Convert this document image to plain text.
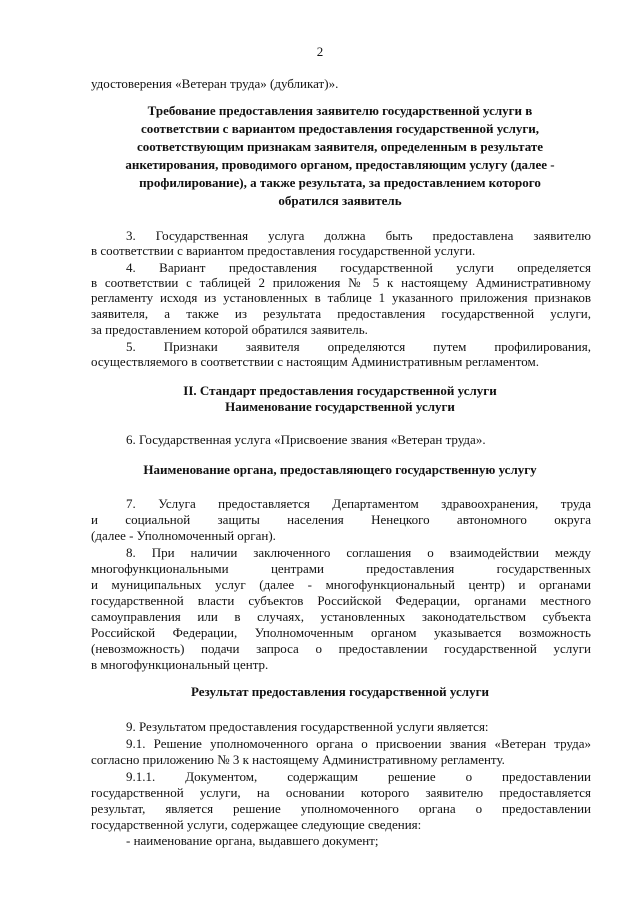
2
удостоверения «Ветеран труда» (дубликат)».
Требование предоставления заявителю государственной услуги в
соответствии с вариантом предоставления государственной услуги,
соответствующим признакам заявителя, определенным в результате
анкетирования, проводимого органом, предоставляющим услугу (далее -
профилирование), а также результата, за предоставлением которого
обратился заявитель
3. Государственная услуга должна быть предоставлена заявителю
в соответствии с вариантом предоставления государственной услуги.
4. Вариант предоставления государственной услуги определяется
в соответствии с таблицей 2 приложения № 5 к настоящему Административному
регламенту исходя из установленных в таблице 1 указанного приложения признаков
заявителя, а также из результата предоставления государственной услуги,
за предоставлением которой обратился заявитель.
5. Признаки заявителя определяются путем профилирования,
осуществляемого в соответствии с настоящим Административным регламентом.
II. Стандарт предоставления государственной услуги
Наименование государственной услуги
6. Государственная услуга «Присвоение звания «Ветеран труда».
Наименование органа, предоставляющего государственную услугу
7. Услуга предоставляется Департаментом здравоохранения, труда
и социальной защиты населения Ненецкого автономного округа
(далее - Уполномоченный орган).
8. При наличии заключенного соглашения о взаимодействии между
многофункциональными центрами предоставления государственных
и муниципальных услуг (далее - многофункциональный центр) и органами
государственной власти субъектов Российской Федерации, органами местного
самоуправления или в случаях, установленных законодательством субъекта
Российской Федерации, Уполномоченным органом указывается возможность
(невозможность) подачи запроса о предоставлении государственной услуги
в многофункциональный центр.
Результат предоставления государственной услуги
9. Результатом предоставления государственной услуги является:
9.1. Решение уполномоченного органа о присвоении звания «Ветеран труда»
согласно приложению № 3 к настоящему Административному регламенту.
9.1.1. Документом, содержащим решение о предоставлении
государственной услуги, на основании которого заявителю предоставляется
результат, является решение уполномоченного органа о предоставлении
государственной услуги, содержащее следующие сведения:
- наименование органа, выдавшего документ;
